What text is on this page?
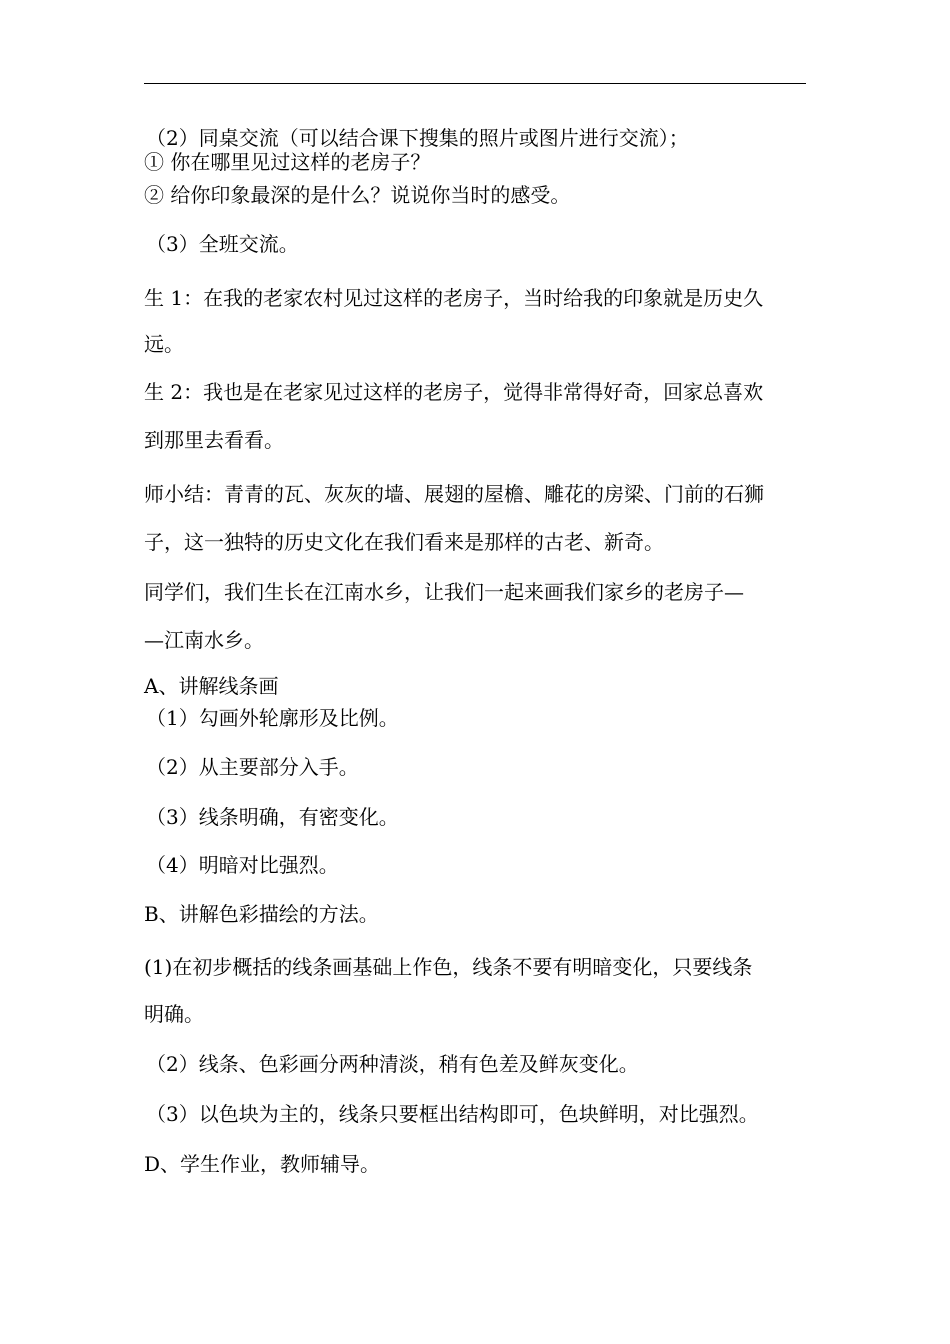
（2）同桌交流（可以结合课下搜集的照片或图片进行交流）；
① 你在哪里见过这样的老房子？
② 给你印象最深的是什么？说说你当时的感受。
（3）全班交流。
生 1：在我的老家农村见过这样的老房子，当时给我的印象就是历史久
远。
生 2：我也是在老家见过这样的老房子，觉得非常得好奇，回家总喜欢
到那里去看看。
师小结：青青的瓦、灰灰的墙、展翅的屋檐、雕花的房梁、门前的石狮
子，这一独特的历史文化在我们看来是那样的古老、新奇。
同学们，我们生长在江南水乡，让我们一起来画我们家乡的老房子—
—江南水乡。
A、讲解线条画
（1）勾画外轮廓形及比例。
（2）从主要部分入手。
（3）线条明确，有密变化。
（4）明暗对比强烈。
B、讲解色彩描绘的方法。
(1)在初步概括的线条画基础上作色，线条不要有明暗变化，只要线条
明确。
（2）线条、色彩画分两种清淡，稍有色差及鲜灰变化。
（3）以色块为主的，线条只要框出结构即可，色块鲜明，对比强烈。
D、学生作业，教师辅导。
